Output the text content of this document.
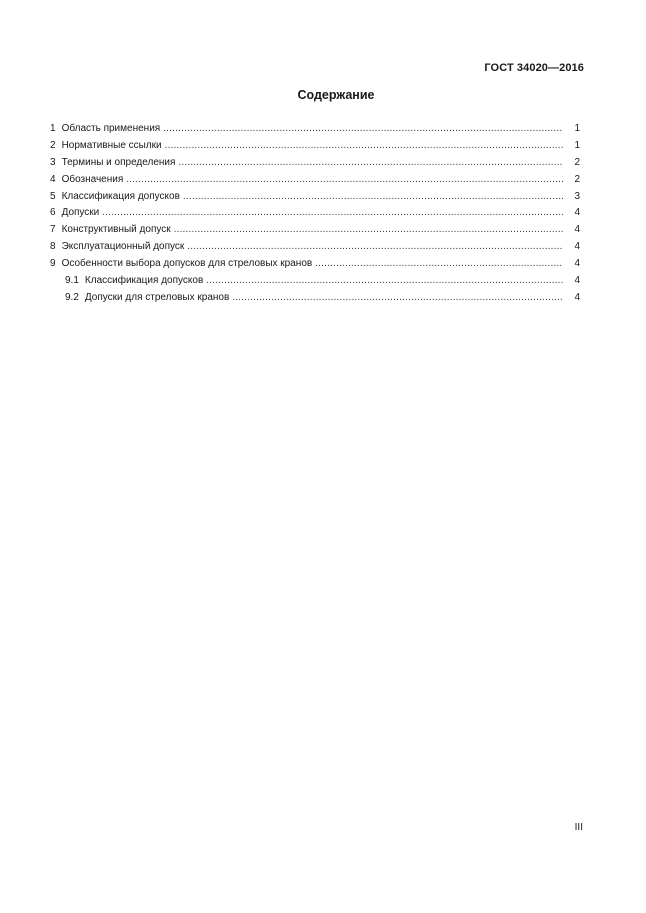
ГОСТ 34020—2016
Содержание
1 Область применения .....	1
2 Нормативные ссылки .....	1
3 Термины и определения .....	2
4 Обозначения .....	2
5 Классификация допусков .....	3
6 Допуски .....	4
7 Конструктивный допуск .....	4
8 Эксплуатационный допуск .....	4
9 Особенности выбора допусков для стреловых кранов .....	4
9.1 Классификация допусков .....	4
9.2 Допуски для стреловых кранов .....	4
III
